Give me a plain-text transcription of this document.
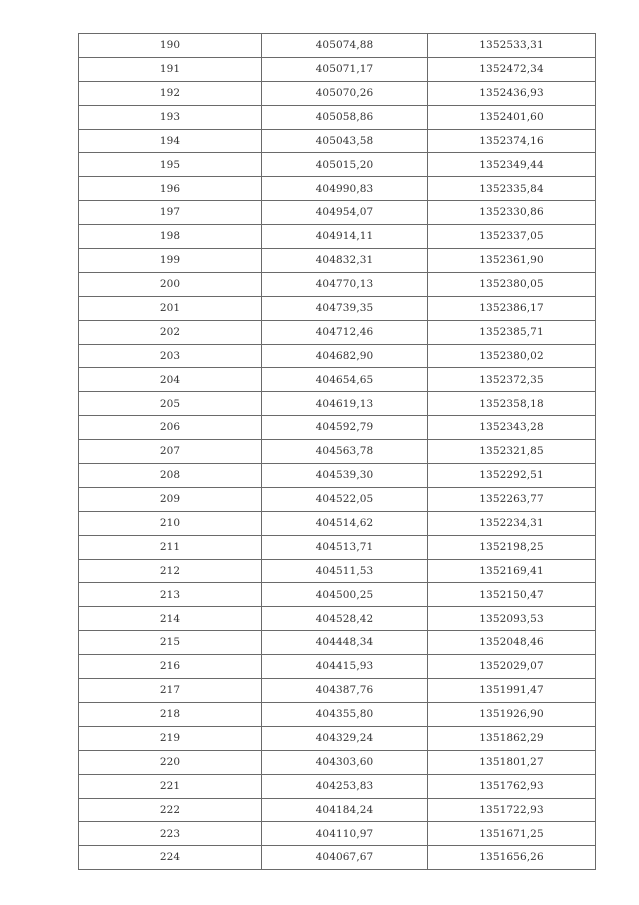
190	405074,88	1352533,31
191	405071,17	1352472,34
192	405070,26	1352436,93
193	405058,86	1352401,60
194	405043,58	1352374,16
195	405015,20	1352349,44
196	404990,83	1352335,84
197	404954,07	1352330,86
198	404914,11	1352337,05
199	404832,31	1352361,90
200	404770,13	1352380,05
201	404739,35	1352386,17
202	404712,46	1352385,71
203	404682,90	1352380,02
204	404654,65	1352372,35
205	404619,13	1352358,18
206	404592,79	1352343,28
207	404563,78	1352321,85
208	404539,30	1352292,51
209	404522,05	1352263,77
210	404514,62	1352234,31
211	404513,71	1352198,25
212	404511,53	1352169,41
213	404500,25	1352150,47
214	404528,42	1352093,53
215	404448,34	1352048,46
216	404415,93	1352029,07
217	404387,76	1351991,47
218	404355,80	1351926,90
219	404329,24	1351862,29
220	404303,60	1351801,27
221	404253,83	1351762,93
222	404184,24	1351722,93
223	404110,97	1351671,25
224	404067,67	1351656,26
